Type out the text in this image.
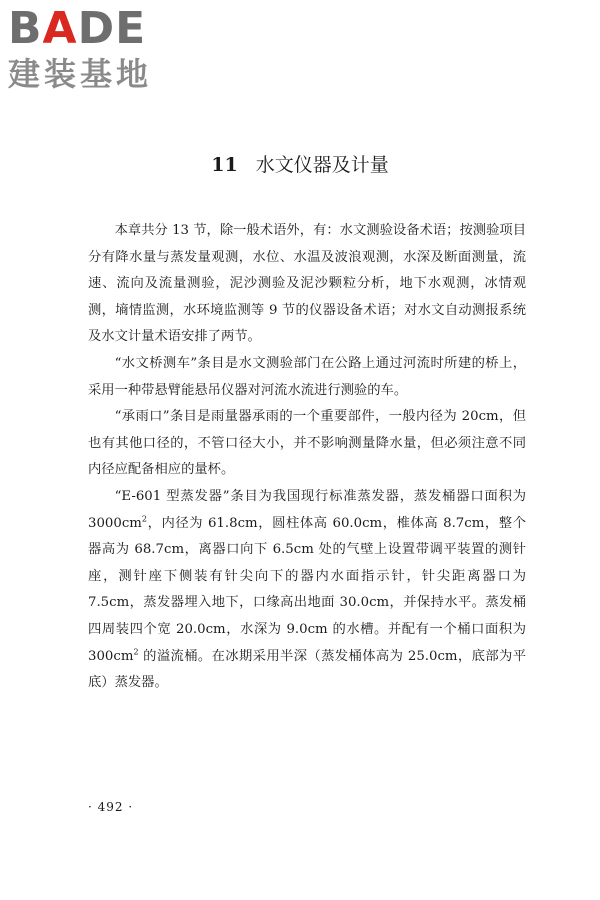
B A DE
建装基地
11 水文仪器及计量

本章共分 13 节，除一般术语外，有：水文测验设备术语；按测验项目分有降水量与蒸发量观测，水位、水温及波浪观测，水深及断面测量，流速、流向及流量测验，泥沙测验及泥沙颗粒分析，地下水观测，冰情观测，墒情监测，水环境监测等 9 节的仪器设备术语；对水文自动测报系统及水文计量术语安排了两节。

“水文桥测车”条目是水文测验部门在公路上通过河流时所建的桥上，采用一种带悬臂能悬吊仪器对河流水流进行测验的车。

“承雨口”条目是雨量器承雨的一个重要部件，一般内径为 20cm，但也有其他口径的，不管口径大小，并不影响测量降水量，但必须注意不同内径应配备相应的量杯。

“E-601 型蒸发器”条目为我国现行标准蒸发器，蒸发桶器口面积为 $3000cm^2$，内径为 61.8cm，圆柱体高 60.0cm，椎体高 8.7cm，整个器高为 68.7cm，离器口向下 6.5cm 处的气壁上设置带调平装置的测针座，测针座下侧装有针尖向下的器内水面指示针，针尖距离器口为 7.5cm，蒸发器埋入地下，口缘高出地面 30.0cm，并保持水平。蒸发桶四周装四个宽 20.0cm，水深为 9.0cm 的水槽。并配有一个桶口面积为 $300cm^2$ 的溢流桶。在冰期采用半深（蒸发桶体高为 25.0cm，底部为平底）蒸发器。

· 492 ·
